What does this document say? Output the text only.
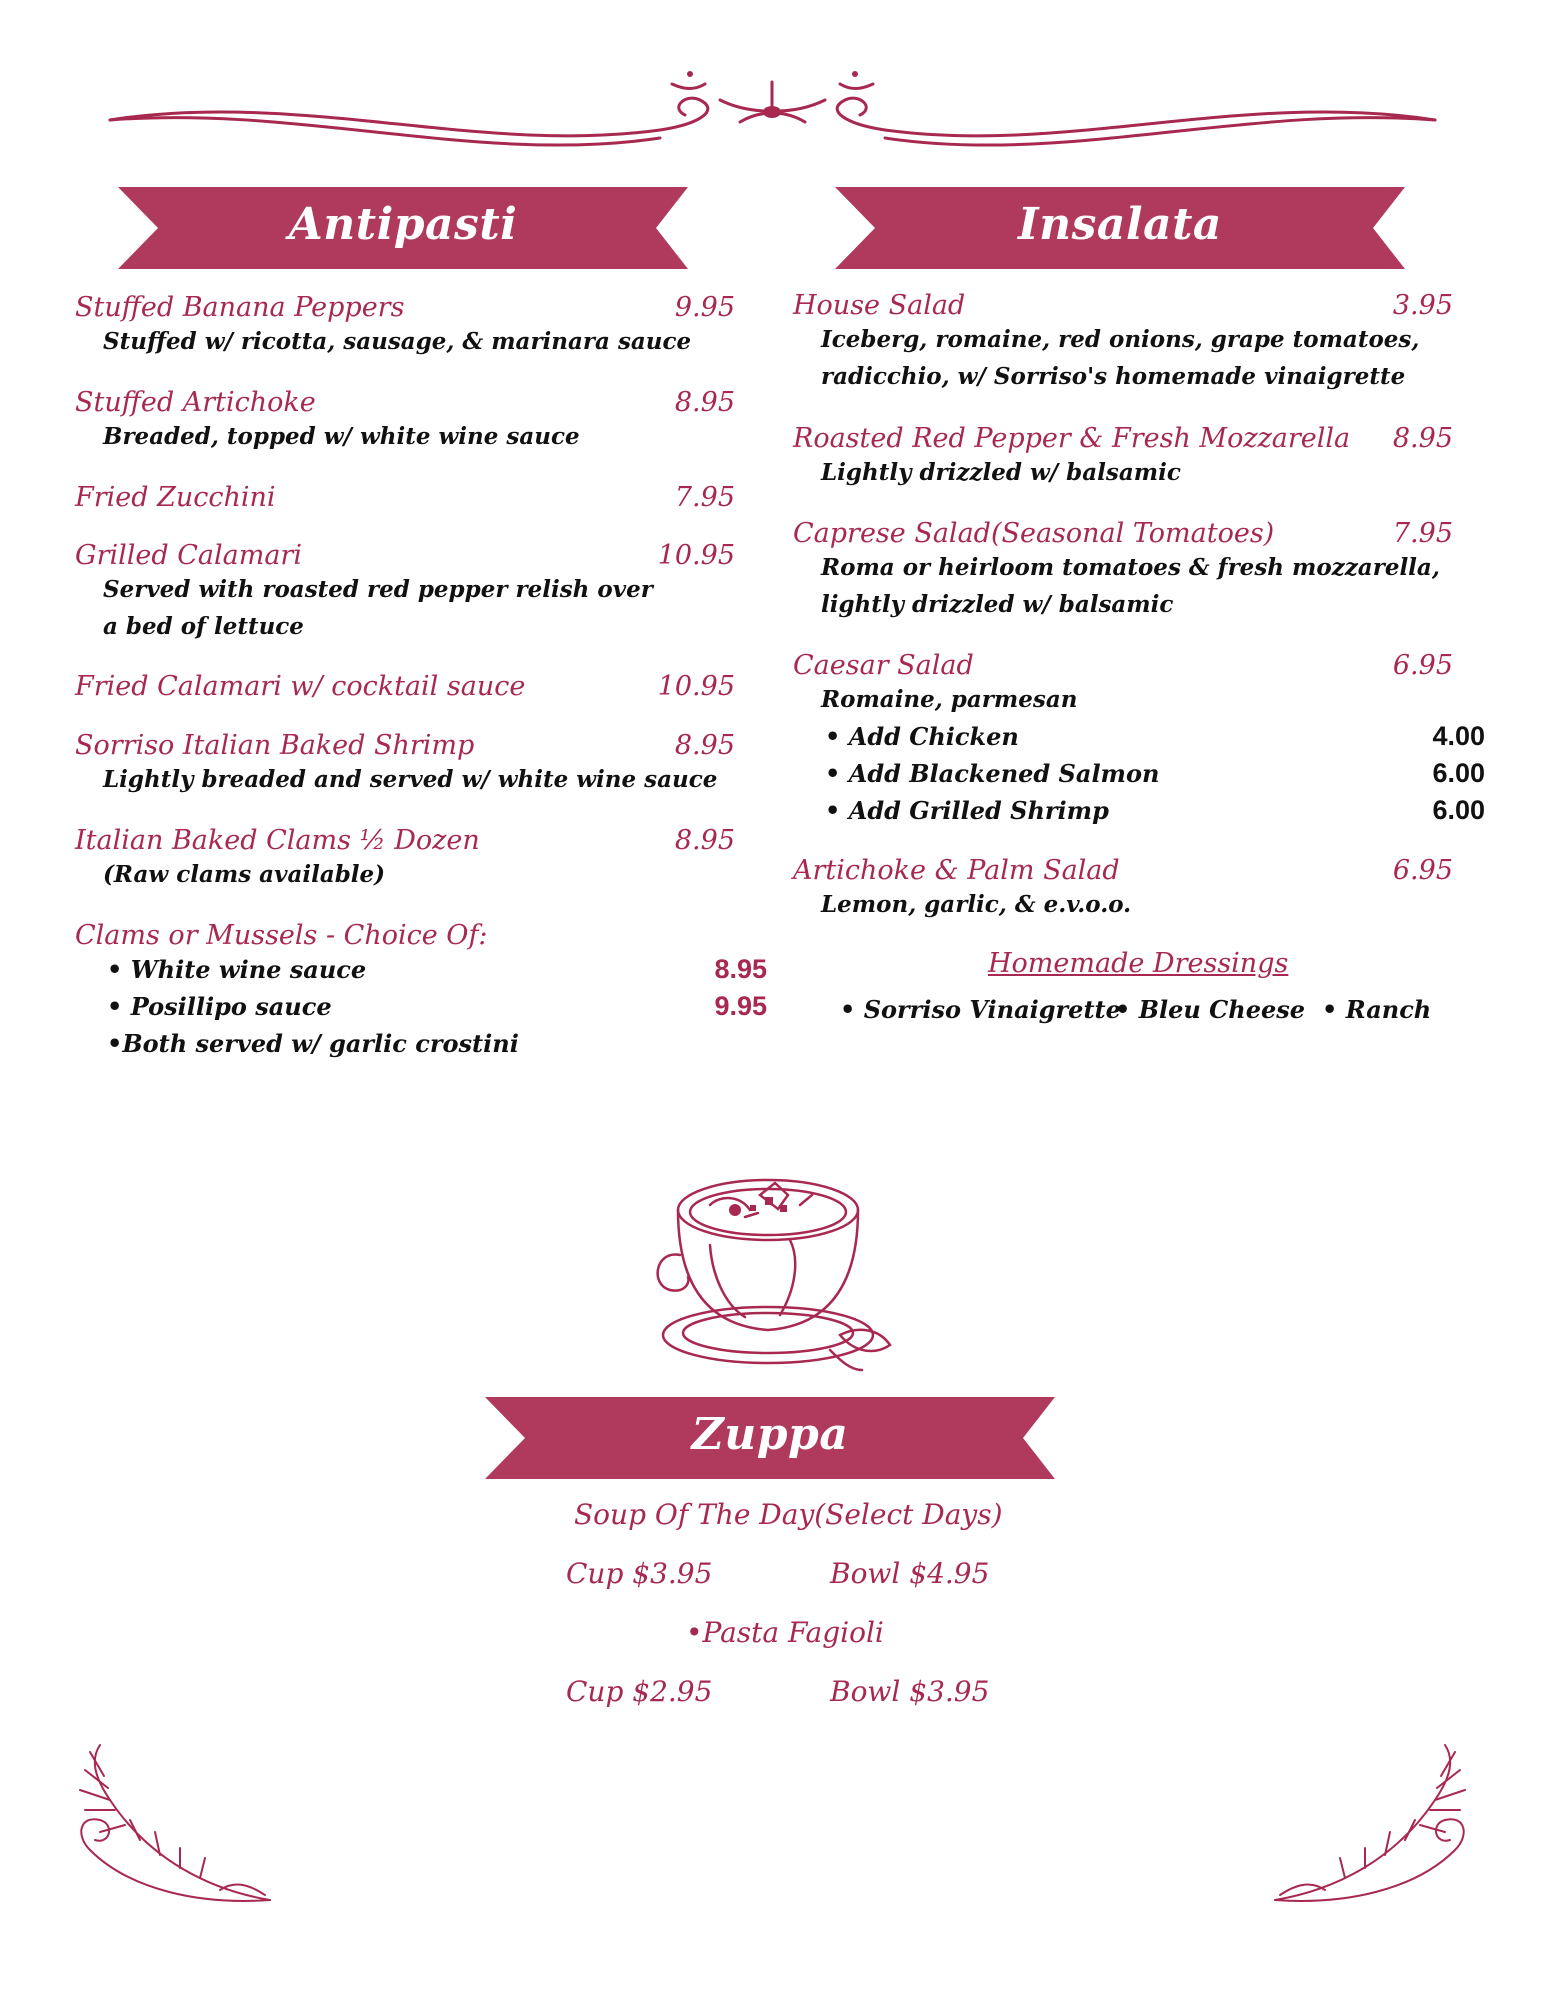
Antipasti	Insalata
Stuffed Banana Peppers	9.95
Stuffed w/ ricotta, sausage, & marinara sauce
Stuffed Artichoke	8.95
Breaded, topped w/ white wine sauce
Fried Zucchini	7.95
Grilled Calamari	10.95
Served with roasted red pepper relish over
a bed of lettuce
Fried Calamari w/ cocktail sauce	10.95
Sorriso Italian Baked Shrimp	8.95
Lightly breaded and served w/ white wine sauce
Italian Baked Clams ½ Dozen	8.95
(Raw clams available)
Clams or Mussels - Choice Of:
• White wine sauce	8.95
• Posillipo sauce	9.95
•Both served w/ garlic crostini
House Salad	3.95
Iceberg, romaine, red onions, grape tomatoes,
radicchio, w/ Sorriso's homemade vinaigrette
Roasted Red Pepper & Fresh Mozzarella	8.95
Lightly drizzled w/ balsamic
Caprese Salad(Seasonal Tomatoes)	7.95
Roma or heirloom tomatoes & fresh mozzarella,
lightly drizzled w/ balsamic
Caesar Salad	6.95
Romaine, parmesan
• Add Chicken	4.00
• Add Blackened Salmon	6.00
• Add Grilled Shrimp	6.00
Artichoke & Palm Salad	6.95
Lemon, garlic, & e.v.o.o.
Homemade Dressings
• Sorriso Vinaigrette
• Bleu Cheese • Ranch
Zuppa
Soup Of The Day(Select Days)
Cup $3.95	Bowl $4.95
•Pasta Fagioli
Cup $2.95	Bowl $3.95
